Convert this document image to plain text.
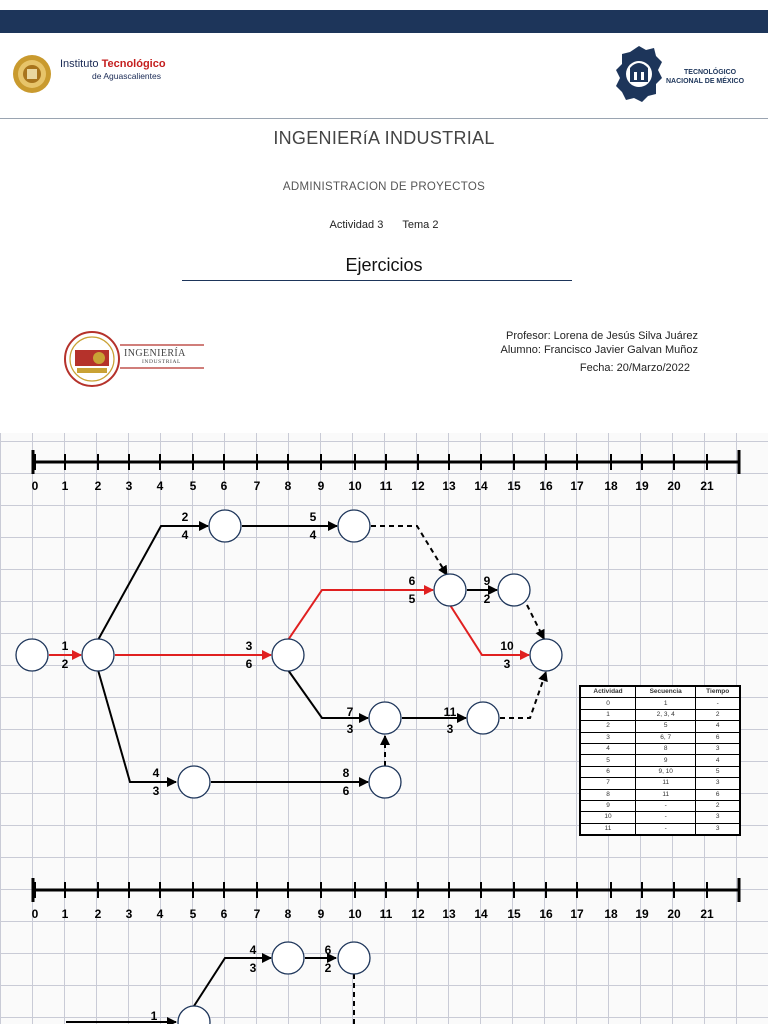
Instituto Tecnológico
de Aguascalientes	TECNOLÓGICO
NACIONAL DE MÉXICO
INGENIERíA INDUSTRIAL
ADMINISTRACION DE PROYECTOS
Actividad 3 Tema 2
Ejercicios
INGENIERÍA
INDUSTRIAL
Profesor: Lorena de Jesús Silva Juárez
Alumno: Francisco Javier Galvan Muñoz
Fecha: 20/Marzo/2022
0 1 2 3 4 5 6 7 8 9 10 11 12 13 14 15 16 17 18 19 20 21
0 1 2 3 4 5 6 7 8 9 10 11 12 13 14 15 16 17 18 19 20 21
1
2
2
4
5
4
3
6
6
5
9
2
10
3
7
3
11
3
4
3
8
6
1
4
3
6
2
Actividad	Secuencia	Tiempo
0	1	-
1	2, 3, 4	2
2	5	4
3	6, 7	6
4	8	3
5	9	4
6	9, 10	5
7	11	3
8	11	6
9	-	2
10	-	3
11	-	3
